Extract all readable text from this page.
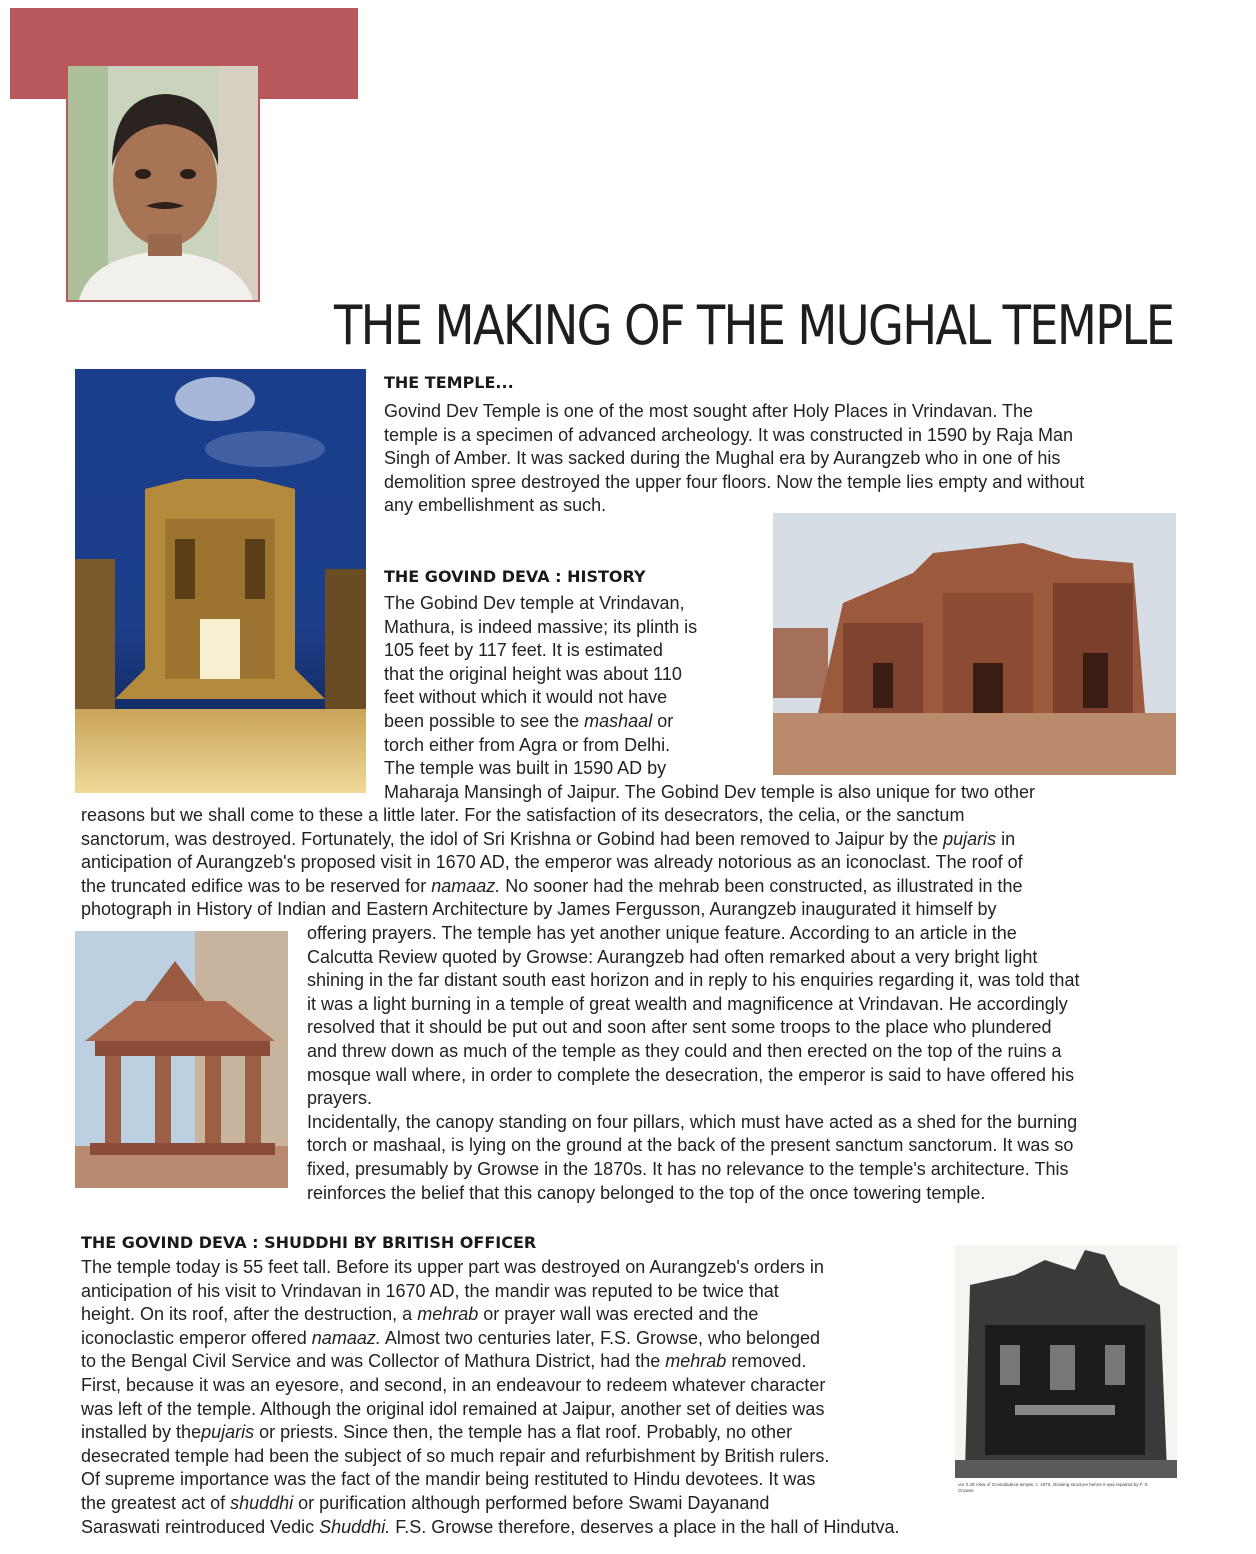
THE MAKING OF THE MUGHAL TEMPLE
ure 2.28 View of Govindadeva temple, c. 1870, showing structure before it was repaired by F. S. Growse
THE TEMPLE...
Govind Dev Temple is one of the most sought after Holy Places in Vrindavan. The
temple is a specimen of advanced archeology. It was constructed in 1590 by Raja Man
Singh of Amber. It was sacked during the Mughal era by Aurangzeb who in one of his
demolition spree destroyed the upper four floors. Now the temple lies empty and without
any embellishment as such.
THE GOVIND DEVA : HISTORY
The Gobind Dev temple at Vrindavan,
Mathura, is indeed massive; its plinth is
105 feet by 117 feet. It is estimated
that the original height was about 110
feet without which it would not have
been possible to see the mashaal or
torch either from Agra or from Delhi.
The temple was built in 1590 AD by
Maharaja Mansingh of Jaipur. The Gobind Dev temple is also unique for two other
reasons but we shall come to these a little later. For the satisfaction of its desecrators, the celia, or the sanctum
sanctorum, was destroyed. Fortunately, the idol of Sri Krishna or Gobind had been removed to Jaipur by the pujaris in
anticipation of Aurangzeb's proposed visit in 1670 AD, the emperor was already notorious as an iconoclast. The roof of
the truncated edifice was to be reserved for namaaz. No sooner had the mehrab been constructed, as illustrated in the
photograph in History of Indian and Eastern Architecture by James Fergusson, Aurangzeb inaugurated it himself by
offering prayers. The temple has yet another unique feature. According to an article in the
Calcutta Review quoted by Growse: Aurangzeb had often remarked about a very bright light
shining in the far distant south east horizon and in reply to his enquiries regarding it, was told that
it was a light burning in a temple of great wealth and magnificence at Vrindavan. He accordingly
resolved that it should be put out and soon after sent some troops to the place who plundered
and threw down as much of the temple as they could and then erected on the top of the ruins a
mosque wall where, in order to complete the desecration, the emperor is said to have offered his
prayers.
Incidentally, the canopy standing on four pillars, which must have acted as a shed for the burning
torch or mashaal, is lying on the ground at the back of the present sanctum sanctorum. It was so
fixed, presumably by Growse in the 1870s. It has no relevance to the temple's architecture. This
reinforces the belief that this canopy belonged to the top of the once towering temple.
THE GOVIND DEVA : SHUDDHI BY BRITISH OFFICER
The temple today is 55 feet tall. Before its upper part was destroyed on Aurangzeb's orders in
anticipation of his visit to Vrindavan in 1670 AD, the mandir was reputed to be twice that
height. On its roof, after the destruction, a mehrab or prayer wall was erected and the
iconoclastic emperor offered namaaz. Almost two centuries later, F.S. Growse, who belonged
to the Bengal Civil Service and was Collector of Mathura District, had the mehrab removed.
First, because it was an eyesore, and second, in an endeavour to redeem whatever character
was left of the temple. Although the original idol remained at Jaipur, another set of deities was
installed by thepujaris or priests. Since then, the temple has a flat roof. Probably, no other
desecrated temple had been the subject of so much repair and refurbishment by British rulers.
Of supreme importance was the fact of the mandir being restituted to Hindu devotees. It was
the greatest act of shuddhi or purification although performed before Swami Dayanand
Saraswati reintroduced Vedic Shuddhi. F.S. Growse therefore, deserves a place in the hall of Hindutva.
